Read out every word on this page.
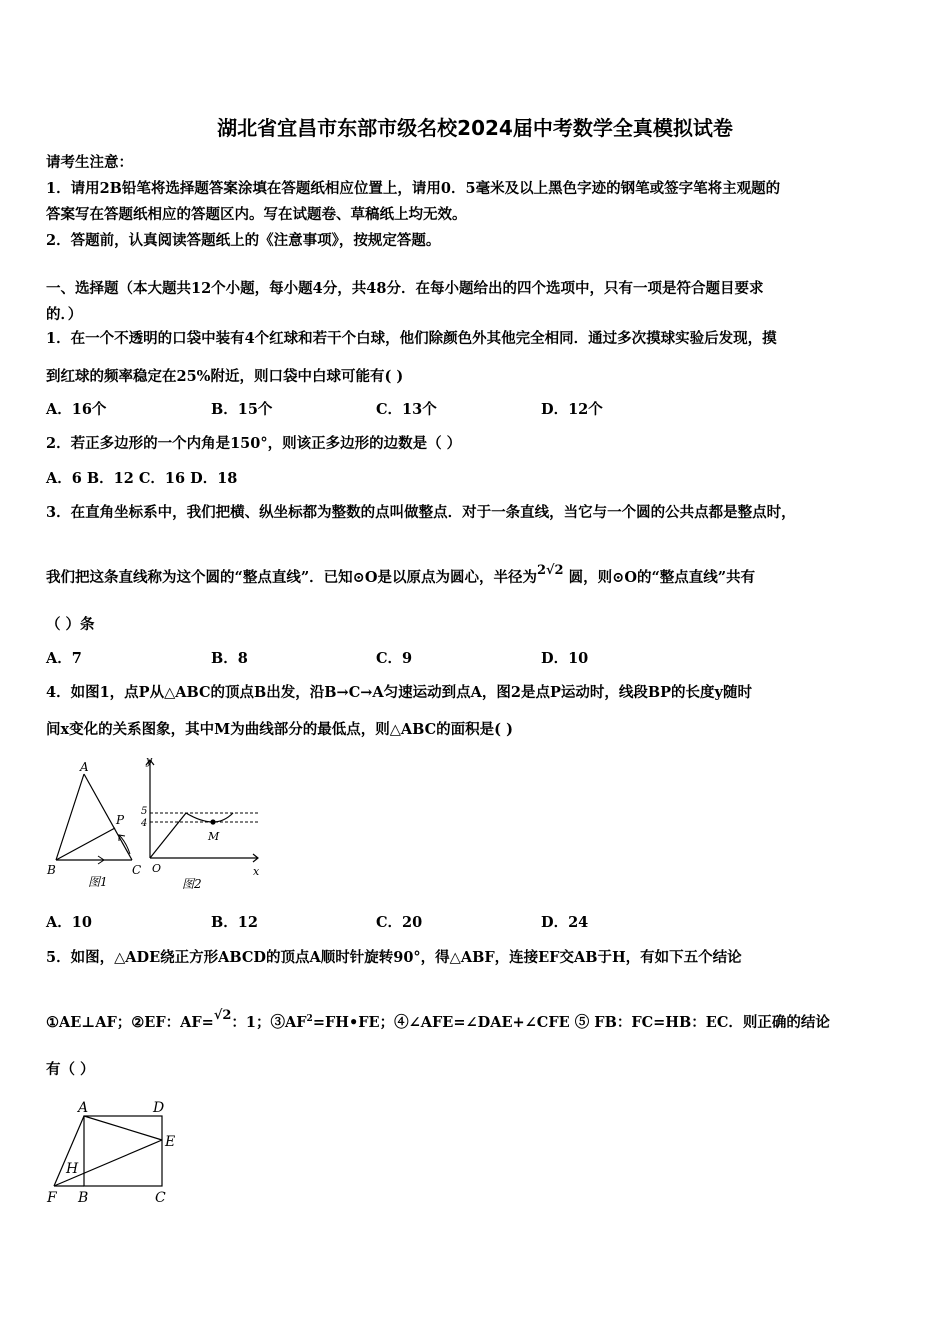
湖北省宜昌市东部市级名校2024届中考数学全真模拟试卷
请考生注意：
1．请用2B铅笔将选择题答案涂填在答题纸相应位置上，请用0．5毫米及以上黑色字迹的钢笔或签字笔将主观题的
答案写在答题纸相应的答题区内。写在试题卷、草稿纸上均无效。
2．答题前，认真阅读答题纸上的《注意事项》，按规定答题。
一、选择题（本大题共12个小题，每小题4分，共48分．在每小题给出的四个选项中，只有一项是符合题目要求
的．）
1．在一个不透明的口袋中装有4个红球和若干个白球，他们除颜色外其他完全相同．通过多次摸球实验后发现，摸
到红球的频率稳定在25%附近，则口袋中白球可能有( )
A．16个	B．15个	C．13个	D．12个
2．若正多边形的一个内角是150°，则该正多边形的边数是（ ）
A．6 B．12 C．16 D．18
3．在直角坐标系中，我们把横、纵坐标都为整数的点叫做整点．对于一条直线，当它与一个圆的公共点都是整点时，
我们把这条直线称为这个圆的“整点直线”．已知⊙O是以原点为圆心，半径为2√2 圆，则⊙O的“整点直线”共有
（ ）条
A．7	B．8	C．9	D．10
4．如图1，点P从△ABC的顶点B出发，沿B→C→A匀速运动到点A，图2是点P运动时，线段BP的长度y随时
间x变化的关系图象，其中M为曲线部分的最低点，则△ABC的面积是( )
A
B	C
P
图1
y
x
O
M
5
4
图2
A．10	B．12	C．20	D．24
5．如图，△ADE绕正方形ABCD的顶点A顺时针旋转90°，得△ABF，连接EF交AB于H，有如下五个结论
①AE⊥AF；②EF：AF=√2：1；$③AF^2=FH•FE$；④∠AFE=∠DAE+∠CFE ⑤ FB：FC=HB：EC．则正确的结论
有（ ）
A	D
E
H
F B	C
